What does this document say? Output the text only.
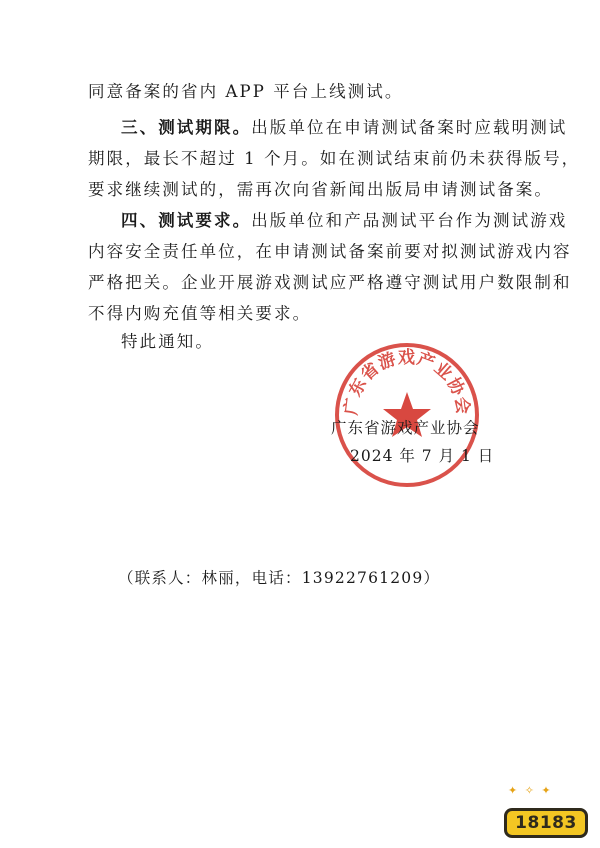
同意备案的省内 APP 平台上线测试。
三、测试期限。出版单位在申请测试备案时应载明测试
期限，最长不超过 1 个月。如在测试结束前仍未获得版号，
要求继续测试的，需再次向省新闻出版局申请测试备案。
四、测试要求。出版单位和产品测试平台作为测试游戏
内容安全责任单位，在申请测试备案前要对拟测试游戏内容
严格把关。企业开展游戏测试应严格遵守测试用户数限制和
不得内购充值等相关要求。
特此通知。
广东省游戏产业协会
广东省游戏产业协会
2024 年 7 月 1 日
（联系人：林丽，电话：13922761209）
✦ ✧ ✦
18183
